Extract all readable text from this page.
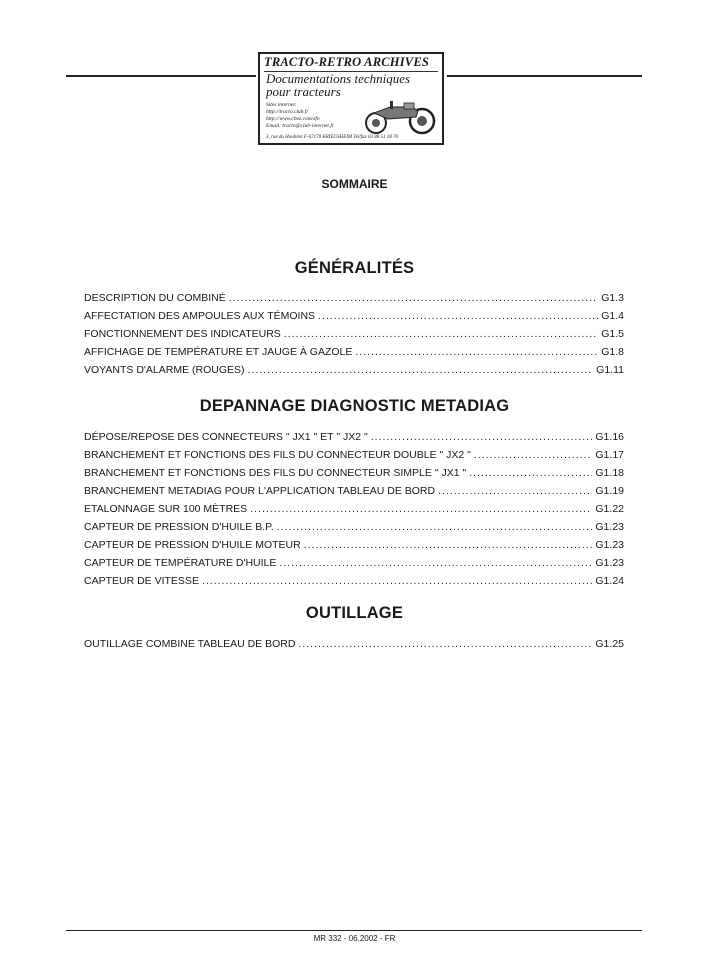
TRACTO-RETRO ARCHIVES
Documentations techniques
pour tracteurs
Sites internet:
http://tracto.club.fr
http://www.chez.com/sfo
Email: tracto@club-internet.fr
3, rue du Houblon F-67170 KRIEGSHEIM Tel/fax 03 88 51 18 70
SOMMAIRE
GÉNÉRALITÉS
DESCRIPTION DU COMBINÉ .....	G1.3
AFFECTATION DES AMPOULES AUX TÉMOINS .....	G1.4
FONCTIONNEMENT DES INDICATEURS .....	G1.5
AFFICHAGE DE TEMPÉRATURE ET JAUGE À GAZOLE .....	G1.8
VOYANTS D'ALARME (ROUGES) .....	G1.11
DEPANNAGE DIAGNOSTIC METADIAG
DÉPOSE/REPOSE DES CONNECTEURS " JX1 " ET " JX2 " .....	G1.16
BRANCHEMENT ET FONCTIONS DES FILS DU CONNECTEUR DOUBLE " JX2 " .....	G1.17
BRANCHEMENT ET FONCTIONS DES FILS DU CONNECTEUR SIMPLE " JX1 " .....	G1.18
BRANCHEMENT METADIAG POUR L'APPLICATION TABLEAU DE BORD .....	G1.19
ETALONNAGE SUR 100 MÈTRES .....	G1.22
CAPTEUR DE PRESSION D'HUILE B.P. .....	G1.23
CAPTEUR DE PRESSION D'HUILE MOTEUR .....	G1.23
CAPTEUR DE TEMPÉRATURE D'HUILE .....	G1.23
CAPTEUR DE VITESSE .....	G1.24
OUTILLAGE
OUTILLAGE COMBINE TABLEAU DE BORD .....	G1.25
MR 332 - 06.2002 - FR
